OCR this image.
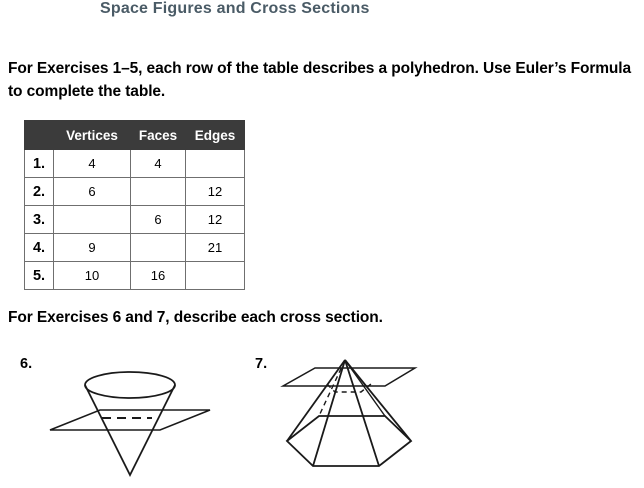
Space Figures and Cross Sections
For Exercises 1–5, each row of the table describes a polyhedron. Use Euler’s Formula to complete the table.
	Vertices	Faces	Edges
1.	4	4	
2.	6		12
3.		6	12
4.	9		21
5.	10	16	
For Exercises 6 and 7, describe each cross section.
6.	7.
